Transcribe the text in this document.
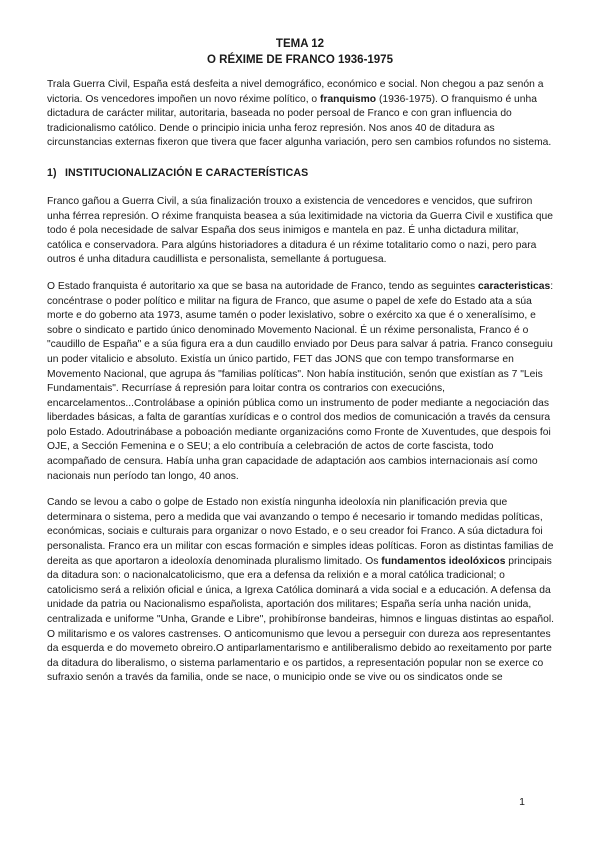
TEMA 12
O RÉXIME DE FRANCO 1936-1975

Trala Guerra Civil, España está desfeita a nivel demográfico, económico e social. Non chegou a paz senón a victoria. Os vencedores impoñen un novo réxime político, o franquismo (1936-1975). O franquismo é unha dictadura de carácter militar, autoritaria, baseada no poder persoal de Franco e con gran influencia do tradicionalismo católico. Dende o principio inicia unha feroz represión. Nos anos 40 de ditadura as circunstancias externas fixeron que tivera que facer algunha variación, pero sen cambios rofundos no sistema.

1) INSTITUCIONALIZACIÓN E CARACTERÍSTICAS

Franco gañou a Guerra Civil, a súa finalización trouxo a existencia de vencedores e vencidos, que sufriron unha férrea represión. O réxime franquista beasea a súa lexitimidade na victoria da Guerra Civil e xustifica que todo é pola necesidade de salvar España dos seus inimigos e mantela en paz. É unha dictadura militar, católica e conservadora. Para algúns historiadores a ditadura é un réxime totalitario como o nazi, pero para outros é unha ditadura caudillista e personalista, semellante á portuguesa.

O Estado franquista é autoritario xa que se basa na autoridade de Franco, tendo as seguintes caracteristicas: concéntrase o poder político e militar na figura de Franco, que asume o papel de xefe do Estado ata a súa morte e do goberno ata 1973, asume tamén o poder lexislativo, sobre o exército xa que é o xeneralísimo, e sobre o sindicato e partido único denominado Movemento Nacional. É un réxime personalista, Franco é o "caudillo de España" e a súa figura era a dun caudillo enviado por Deus para salvar á patria. Franco conseguiu un poder vitalicio e absoluto. Existía un único partido, FET das JONS que con tempo transformarse en Movemento Nacional, que agrupa ás "familias políticas". Non había institución, senón que existían as 7 "Leis Fundamentais". Recurríase á represión para loitar contra os contrarios con execucións, encarcelamentos...Controlábase a opinión pública como un instrumento de poder mediante a negociación das liberdades básicas, a falta de garantías xurídicas e o control dos medios de comunicación a través da censura polo Estado. Adoutrinábase a poboación mediante organizacións como Fronte de Xuventudes, que despois foi OJE, a Sección Femenina e o SEU; a elo contribuía a celebración de actos de corte fascista, todo acompañado de censura. Había unha gran capacidade de adaptación aos cambios internacionais así como nacionais nun período tan longo, 40 anos.

Cando se levou a cabo o golpe de Estado non existía ningunha ideoloxía nin planificación previa que determinara o sistema, pero a medida que vai avanzando o tempo é necesario ir tomando medidas políticas, económicas, sociais e culturais para organizar o novo Estado, e o seu creador foi Franco. A súa dictadura foi personalista. Franco era un militar con escas formación e simples ideas políticas. Foron as distintas familias de dereita as que aportaron a ideoloxía denominada pluralismo limitado. Os fundamentos ideolóxicos principais da ditadura son: o nacionalcatolicismo, que era a defensa da relixión e a moral católica tradicional; o catolicismo será a relixión oficial e única, a Igrexa Católica dominará a vida social e a educación. A defensa da unidade da patria ou Nacionalismo españolista, aportación dos militares; España sería unha nación unida, centralizada e uniforme "Unha, Grande e Libre", prohibíronse bandeiras, himnos e linguas distintas ao español. O militarismo e os valores castrenses. O anticomunismo que levou a perseguir con dureza aos representantes da esquerda e do movemeto obreiro.O antiparlamentarismo e antiliberalismo debido ao rexeitamento por parte da ditadura do liberalismo, o sistema parlamentario e os partidos, a representación popular non se exerce co sufraxio senón a través da familia, onde se nace, o municipio onde se vive ou os sindicatos onde se

1
